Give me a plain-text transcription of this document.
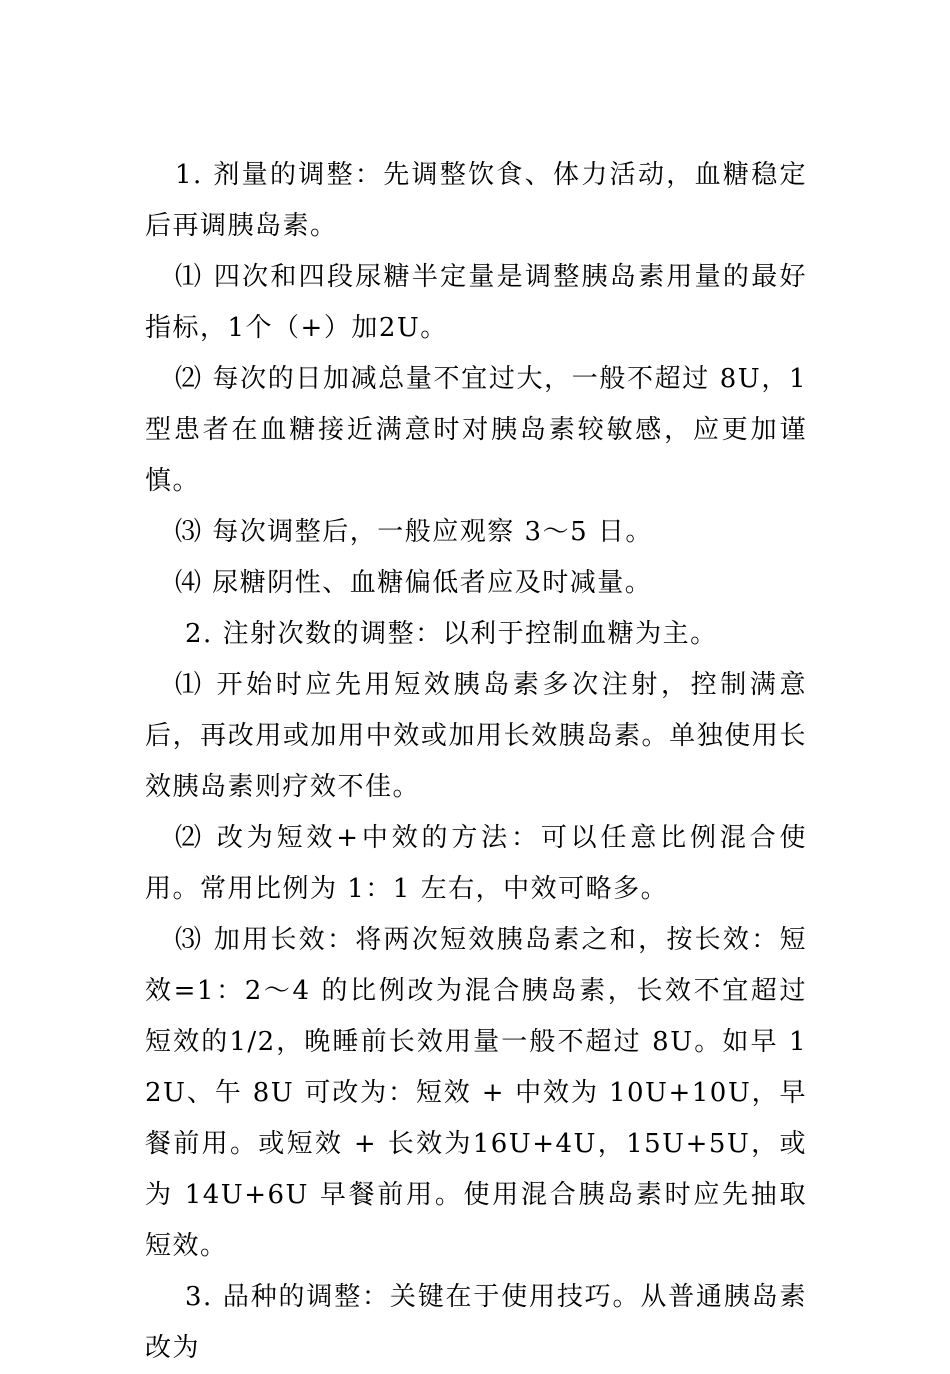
1. 剂量的调整：先调整饮食、体力活动，血糖稳定后再调胰岛素。

⑴ 四次和四段尿糖半定量是调整胰岛素用量的最好指标，1个（+）加2U。

⑵ 每次的日加减总量不宜过大，一般不超过 8U，1型患者在血糖接近满意时对胰岛素较敏感，应更加谨慎。

⑶ 每次调整后，一般应观察 3～5 日。

⑷ 尿糖阴性、血糖偏低者应及时减量。

2. 注射次数的调整：以利于控制血糖为主。

⑴ 开始时应先用短效胰岛素多次注射，控制满意后，再改用或加用中效或加用长效胰岛素。单独使用长效胰岛素则疗效不佳。

⑵ 改为短效+中效的方法：可以任意比例混合使用。常用比例为 1：1 左右，中效可略多。

⑶ 加用长效：将两次短效胰岛素之和，按长效：短效=1：2～4 的比例改为混合胰岛素，长效不宜超过短效的1/2，晚睡前长效用量一般不超过 8U。如早 12U、午 8U 可改为：短效 + 中效为 10U+10U，早餐前用。或短效 + 长效为16U+4U，15U+5U，或为 14U+6U 早餐前用。使用混合胰岛素时应先抽取短效。

3. 品种的调整：关键在于使用技巧。从普通胰岛素改为
